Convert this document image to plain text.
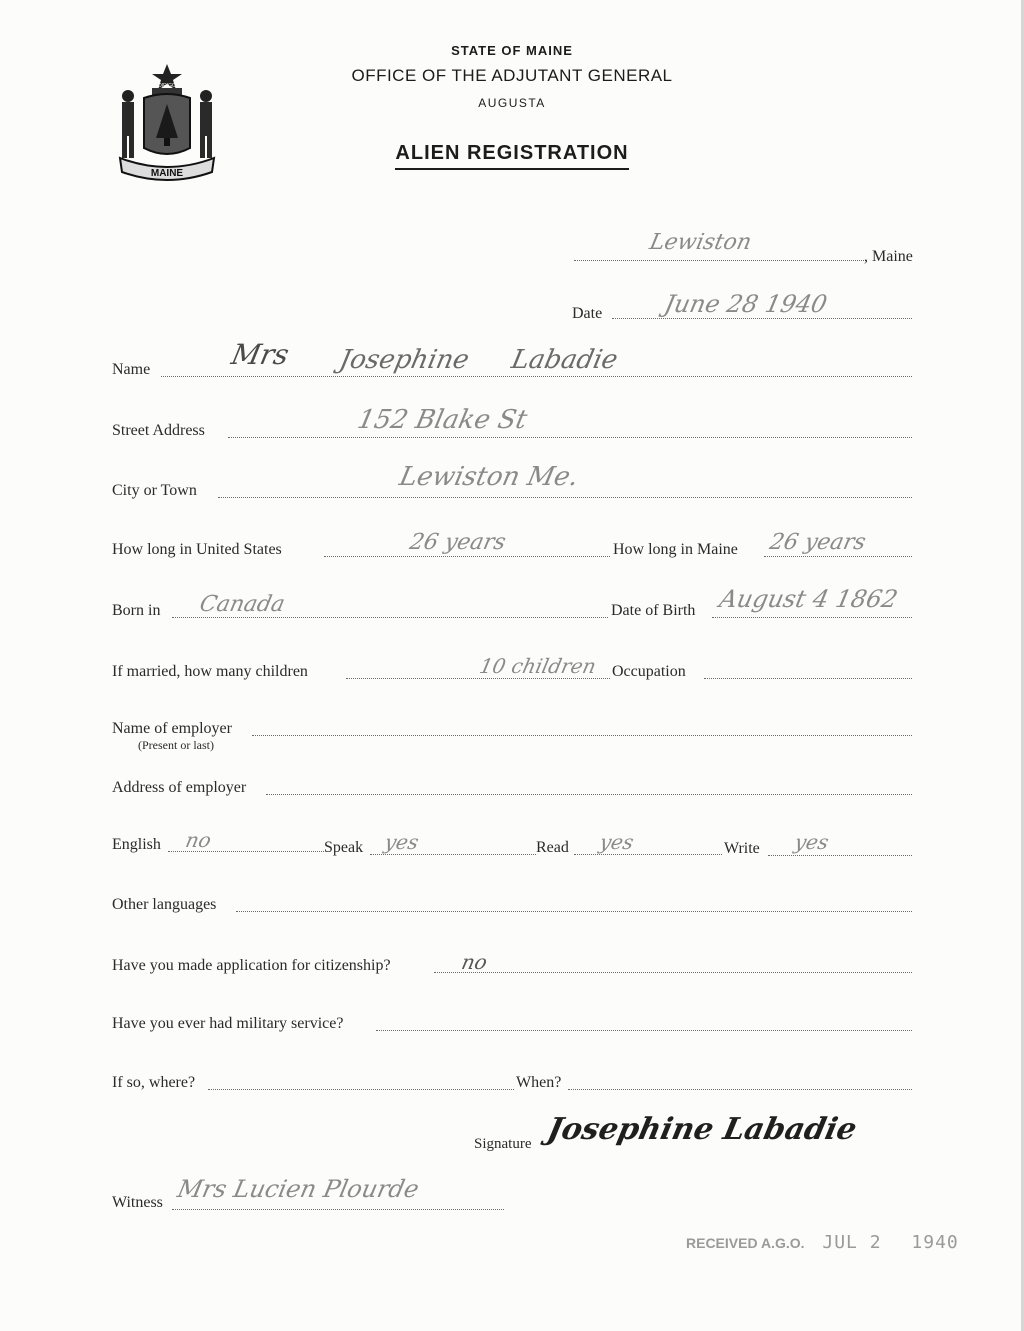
MAINE
DIRIGO
STATE OF MAINE
OFFICE OF THE ADJUTANT GENERAL
AUGUSTA
ALIEN REGISTRATION
Lewiston
, Maine
Date June 28 1940
Name	Mrs Josephine Labadie
Street Address	152 Blake St
City or Town	Lewiston Me.
How long in United States	26 years	How long in Maine 26 years
Born in Canada	Date of Birth August 4 1862
If married, how many children	10 children Occupation
Name of employer
(Present or last)
Address of employer
English no	Speak yes	Read yes	Write yes
Other languages
Have you made application for citizenship?	no
Have you ever had military service?
If so, where?	When?
Signature Josephine Labadie
Witness Mrs Lucien Plourde
RECEIVED A.G.O. JUL 2 1940
